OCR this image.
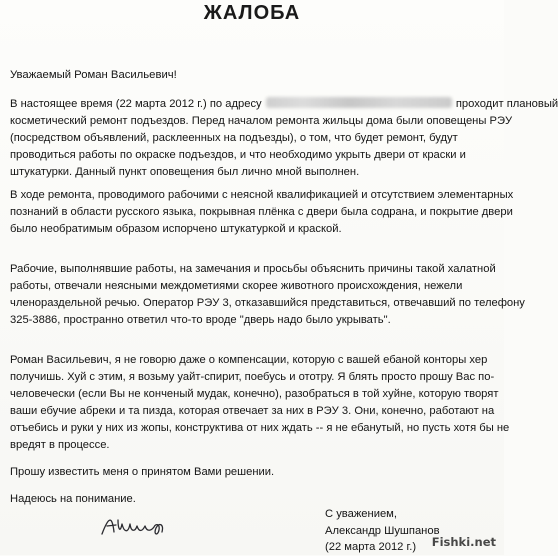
ЖАЛОБА
Уважаемый Роман Васильевич!
В настоящее время (22 марта 2012 г.) по адресу	проходит плановый
косметический ремонт подъездов. Перед началом ремонта жильцы дома были оповещены РЭУ
(посредством объявлений, расклеенных на подъезды), о том, что будет ремонт, будут
проводиться работы по окраске подъездов, и что необходимо укрыть двери от краски и
штукатурки. Данный пункт оповещения был лично мной выполнен.
В ходе ремонта, проводимого рабочими с неясной квалификацией и отсутствием элементарных
познаний в области русского языка, покрывная плёнка с двери была содрана, и покрытие двери
было необратимым образом испорчено штукатуркой и краской.
Рабочие, выполнявшие работы, на замечания и просьбы объяснить причины такой халатной
работы, отвечали неясными междометиями скорее животного происхождения, нежели
членораздельной речью. Оператор РЭУ 3, отказавшийся представиться, отвечавший по телефону
325-3886, пространно ответил что-то вроде "дверь надо было укрывать".
Роман Васильевич, я не говорю даже о компенсации, которую с вашей ебаной конторы хер
получишь. Хуй с этим, я возьму уайт-спирит, поебусь и ототру. Я блять просто прошу Вас по-
человечески (если Вы не конченый мудак, конечно), разобраться в той хуйне, которую творят
ваши ебучие абреки и та пизда, которая отвечает за них в РЭУ 3. Они, конечно, работают на
отъебись и руки у них из жопы, конструктива от них ждать -- я не ебанутый, но пусть хотя бы не
вредят в процессе.
Прошу известить меня о принятом Вами решении.
Надеюсь на понимание.
С уважением,
Александр Шушпанов
(22 марта 2012 г.)	Fishki.net
